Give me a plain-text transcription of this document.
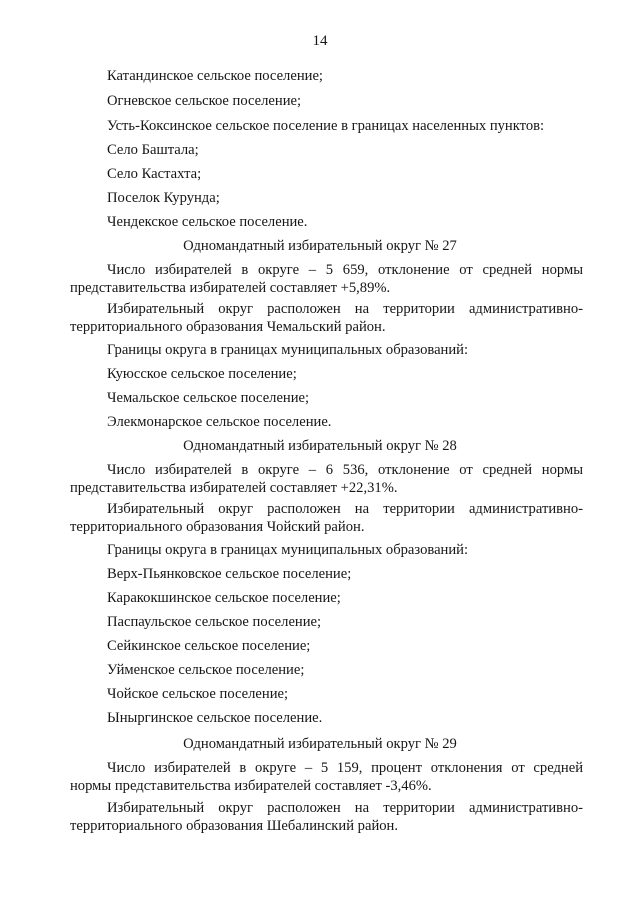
14
Катандинское сельское поселение;
Огневское сельское поселение;
Усть-Коксинское сельское поселение в границах населенных пунктов:
Село Баштала;
Село Кастахта;
Поселок Курунда;
Чендекское сельское поселение.
Одномандатный избирательный округ № 27
Число избирателей в округе – 5 659, отклонение от средней нормы
представительства избирателей составляет +5,89%.
Избирательный округ расположен на территории административно-
территориального образования Чемальский район.
Границы округа в границах муниципальных образований:
Куюсское сельское поселение;
Чемальское сельское поселение;
Элекмонарское сельское поселение.
Одномандатный избирательный округ № 28
Число избирателей в округе – 6 536, отклонение от средней нормы
представительства избирателей составляет +22,31%.
Избирательный округ расположен на территории административно-
территориального образования Чойский район.
Границы округа в границах муниципальных образований:
Верх-Пьянковское сельское поселение;
Каракокшинское сельское поселение;
Паспаульское сельское поселение;
Сейкинское сельское поселение;
Уйменское сельское поселение;
Чойское сельское поселение;
Ыныргинское сельское поселение.
Одномандатный избирательный округ № 29
Число избирателей в округе – 5 159, процент отклонения от средней
нормы представительства избирателей составляет -3,46%.
Избирательный округ расположен на территории административно-
территориального образования Шебалинский район.
